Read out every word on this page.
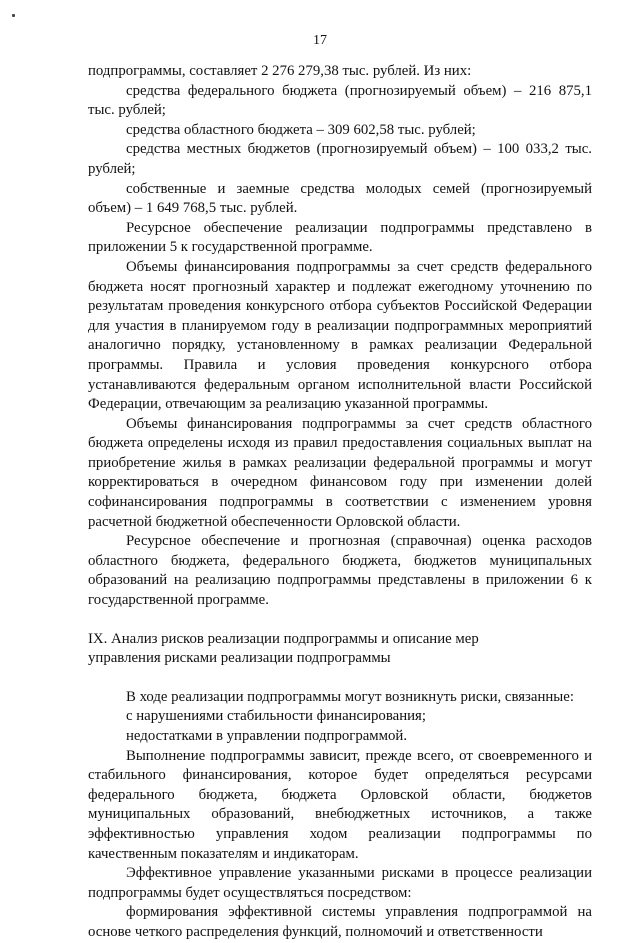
17

подпрограммы, составляет 2 276 279,38 тыс. рублей. Из них:

средства федерального бюджета (прогнозируемый объем) – 216 875,1 тыс. рублей;

средства областного бюджета – 309 602,58 тыс. рублей;

средства местных бюджетов (прогнозируемый объем) – 100 033,2 тыс. рублей;

собственные и заемные средства молодых семей (прогнозируемый объем) – 1 649 768,5 тыс. рублей.

Ресурсное обеспечение реализации подпрограммы представлено в приложении 5 к государственной программе.

Объемы финансирования подпрограммы за счет средств федерального бюджета носят прогнозный характер и подлежат ежегодному уточнению по результатам проведения конкурсного отбора субъектов Российской Федерации для участия в планируемом году в реализации подпрограммных мероприятий аналогично порядку, установленному в рамках реализации Федеральной программы. Правила и условия проведения конкурсного отбора устанавливаются федеральным органом исполнительной власти Российской Федерации, отвечающим за реализацию указанной программы.

Объемы финансирования подпрограммы за счет средств областного бюджета определены исходя из правил предоставления социальных выплат на приобретение жилья в рамках реализации федеральной программы и могут корректироваться в очередном финансовом году при изменении долей софинансирования подпрограммы в соответствии с изменением уровня расчетной бюджетной обеспеченности Орловской области.

Ресурсное обеспечение и прогнозная (справочная) оценка расходов областного бюджета, федерального бюджета, бюджетов муниципальных образований на реализацию подпрограммы представлены в приложении 6 к государственной программе.

IX. Анализ рисков реализации подпрограммы и описание мер

управления рисками реализации подпрограммы

В ходе реализации подпрограммы могут возникнуть риски, связанные:

с нарушениями стабильности финансирования;

недостатками в управлении подпрограммой.

Выполнение подпрограммы зависит, прежде всего, от своевременного и стабильного финансирования, которое будет определяться ресурсами федерального бюджета, бюджета Орловской области, бюджетов муниципальных образований, внебюджетных источников, а также эффективностью управления ходом реализации подпрограммы по качественным показателям и индикаторам.

Эффективное управление указанными рисками в процессе реализации подпрограммы будет осуществляться посредством:

формирования эффективной системы управления подпрограммой на основе четкого распределения функций, полномочий и ответственности
